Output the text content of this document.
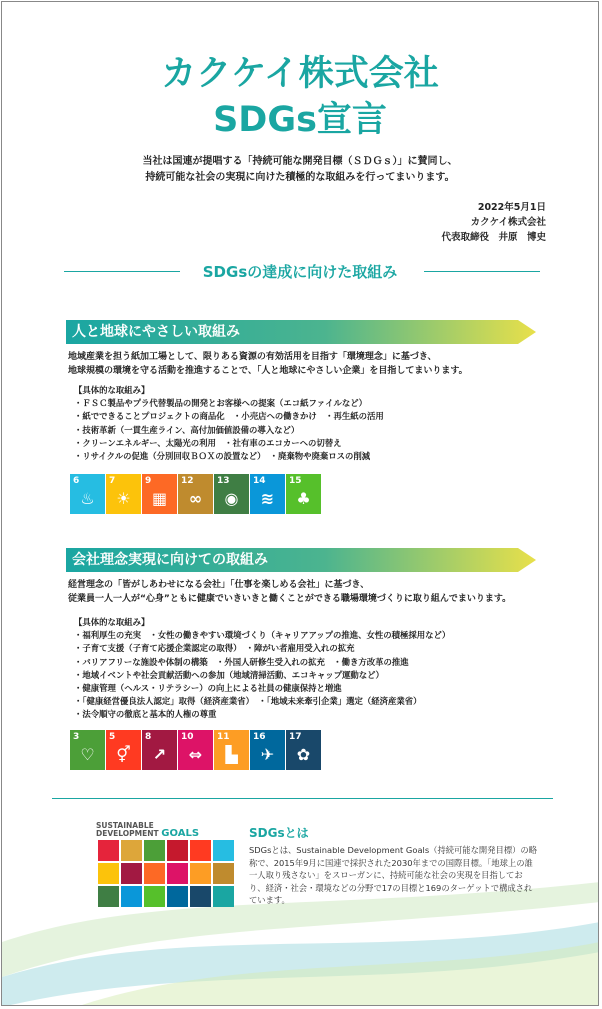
カクケイ株式会社
SDGs宣言
当社は国連が提唱する「持続可能な開発目標（ＳＤＧｓ）」に賛同し、
持続可能な社会の実現に向けた積極的な取組みを行ってまいります。
2022年5月1日
カクケイ株式会社
代表取締役　井原　博史
SDGsの達成に向けた取組み
人と地球にやさしい取組み
地域産業を担う紙加工場として、限りある資源の有効活用を目指す「環境理念」に基づき、
地球規模の環境を守る活動を推進することで、「人と地球にやさしい企業」を目指してまいります。
【具体的な取組み】
・ＦＳＣ製品やプラ代替製品の開発とお客様への提案（エコ紙ファイルなど）
・紙でできることプロジェクトの商品化　・小売店への働きかけ　・再生紙の活用
・技術革新（一貫生産ライン、高付加価値設備の導入など）
・クリーンエネルギー、太陽光の利用　・社有車のエコカーへの切替え
・リサイクルの促進（分別回収ＢＯＸの設置など）　・廃棄物や廃棄ロスの削減
6
♨
7
☀
9
▦
12
∞
13
◉
14
≋
15
♣
会社理念実現に向けての取組み
経営理念の「皆がしあわせになる会社」「仕事を楽しめる会社」に基づき、
従業員一人一人が“心身”ともに健康でいきいきと働くことができる職場環境づくりに取り組んでまいります。
【具体的な取組み】
・福利厚生の充実　・女性の働きやすい環境づくり（キャリアアップの推進、女性の積極採用など）
・子育て支援（子育て応援企業認定の取得）　・障がい者雇用受入れの拡充
・バリアフリーな施設や体制の構築　・外国人研修生受入れの拡充　・働き方改革の推進
・地域イベントや社会貢献活動への参加（地域清掃活動、エコキャップ運動など）
・健康管理（ヘルス・リテラシー）の向上による社員の健康保持と増進
・「健康経営優良法人認定」取得（経済産業省）　・「地域未来牽引企業」選定（経済産業省）
・法令順守の徹底と基本的人権の尊重
3
♡
5
⚥
8
↗
10
⇔
11
▙
16
✈
17
✿
SUSTAINABLE
DEVELOPMENT GOALS	SDGsとは
SDGsとは、Sustainable Development Goals（持続可能な開発目標）の略称で、2015年9月に国連で採択された2030年までの国際目標。「地球上の誰一人取り残さない」をスローガンに、持続可能な社会の実現を目指しており、経済・社会・環境などの分野で17の目標と169のターゲットで構成されています。
